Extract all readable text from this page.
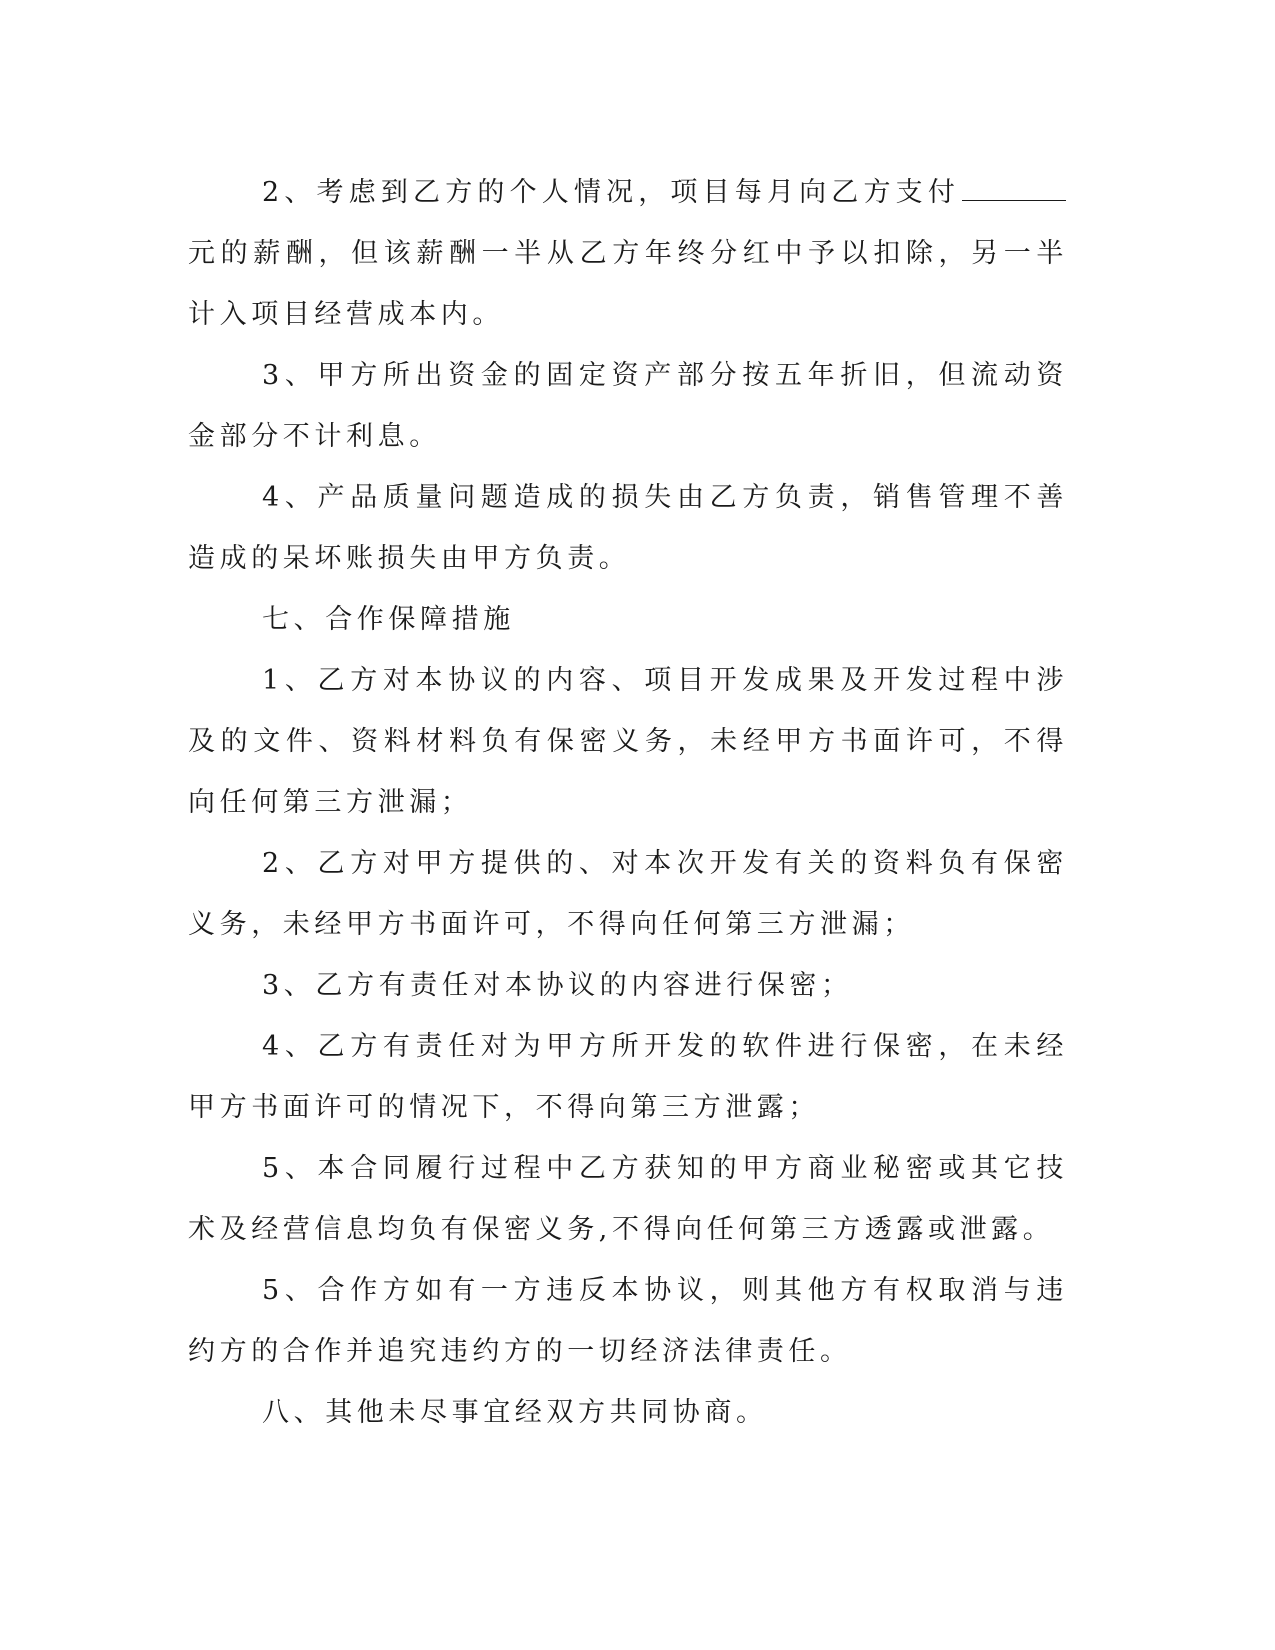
2、考虑到乙方的个人情况，项目每月向乙方支付元的薪酬，但该薪酬一半从乙方年终分红中予以扣除，另一半计入项目经营成本内。

3、甲方所出资金的固定资产部分按五年折旧，但流动资金部分不计利息。

4、产品质量问题造成的损失由乙方负责，销售管理不善造成的呆坏账损失由甲方负责。

七、合作保障措施

1、乙方对本协议的内容、项目开发成果及开发过程中涉及的文件、资料材料负有保密义务，未经甲方书面许可，不得向任何第三方泄漏；

2、乙方对甲方提供的、对本次开发有关的资料负有保密义务，未经甲方书面许可，不得向任何第三方泄漏；

3、乙方有责任对本协议的内容进行保密；

4、乙方有责任对为甲方所开发的软件进行保密，在未经甲方书面许可的情况下，不得向第三方泄露；

5、本合同履行过程中乙方获知的甲方商业秘密或其它技术及经营信息均负有保密义务,不得向任何第三方透露或泄露。

5、合作方如有一方违反本协议，则其他方有权取消与违约方的合作并追究违约方的一切经济法律责任。

八、其他未尽事宜经双方共同协商。
